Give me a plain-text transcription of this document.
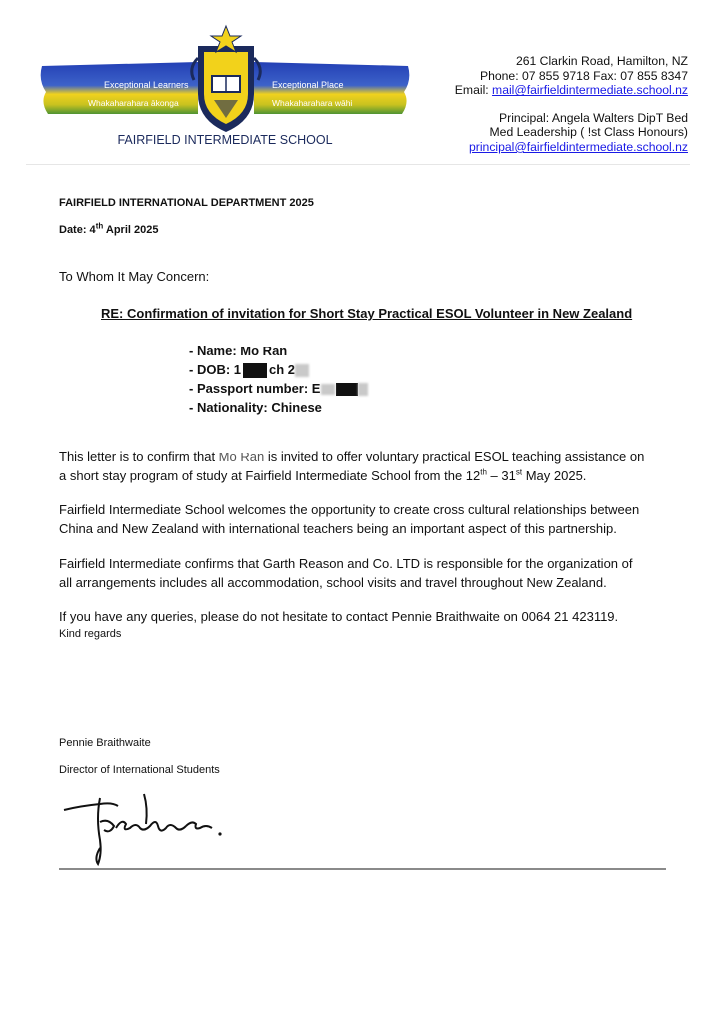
Exceptional Learners
Whakaharahara ākonga
Exceptional Place
Whakaharahara wāhi
FAIRFIELD INTERMEDIATE SCHOOL
261 Clarkin Road, Hamilton, NZ
Phone: 07 855 9718 Fax: 07 855 8347
Email: mail@fairfieldintermediate.school.nz
Principal: Angela Walters DipT Bed
Med Leadership ( !st Class Honours)
principal@fairfieldintermediate.school.nz
FAIRFIELD INTERNATIONAL DEPARTMENT 2025
Date: 4th April 2025
To Whom It May Concern:
RE: Confirmation of invitation for Short Stay Practical ESOL Volunteer in New Zealand
- Name: Mo Ran
- DOB: 1 ch 2
- Passport number: E
- Nationality: Chinese
This letter is to confirm that Mo Ran is invited to offer voluntary practical ESOL teaching assistance on
a short stay program of study at Fairfield Intermediate School from the 12th – 31st May 2025.
Fairfield Intermediate School welcomes the opportunity to create cross cultural relationships between
China and New Zealand with international teachers being an important aspect of this partnership.
Fairfield Intermediate confirms that Garth Reason and Co. LTD is responsible for the organization of
all arrangements includes all accommodation, school visits and travel throughout New Zealand.
If you have any queries, please do not hesitate to contact Pennie Braithwaite on 0064 21 423119.
Kind regards
Pennie Braithwaite
Director of International Students
